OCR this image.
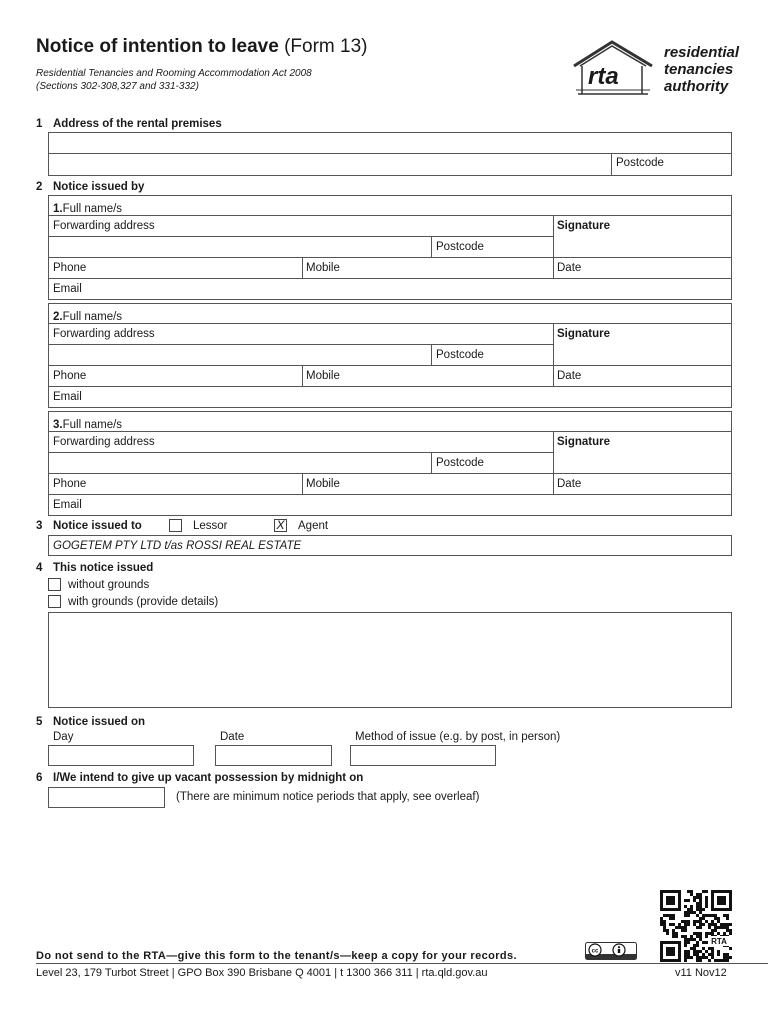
Notice of intention to leave (Form 13)
Residential Tenancies and Rooming Accommodation Act 2008
(Sections 302-308,327 and 331-332)	rta
residential
tenancies
authority
1 Address of the rental premises
Postcode
2 Notice issued by
1.Full name/s
Forwarding address	Signature
Postcode
Phone	Mobile	Date
Email
2.Full name/s
Forwarding address	Signature
Postcode
Phone	Mobile	Date
Email
3.Full name/s
Forwarding address	Signature
Postcode
Phone	Mobile	Date
Email
3 Notice issued to	Lessor	X Agent
GOGETEM PTY LTD t/as ROSSI REAL ESTATE
4 This notice issued
without grounds
with grounds (provide details)
5 Notice issued on
Day	Date	Method of issue (e.g. by post, in person)
6 I/We intend to give up vacant possession by midnight on
(There are minimum notice periods that apply, see overleaf)
RTA
cc
Do not send to the RTA—give this form to the tenant/s—keep a copy for your records.
Level 23, 179 Turbot Street | GPO Box 390 Brisbane Q 4001 | t 1300 366 311 | rta.qld.gov.au	v11 Nov12
